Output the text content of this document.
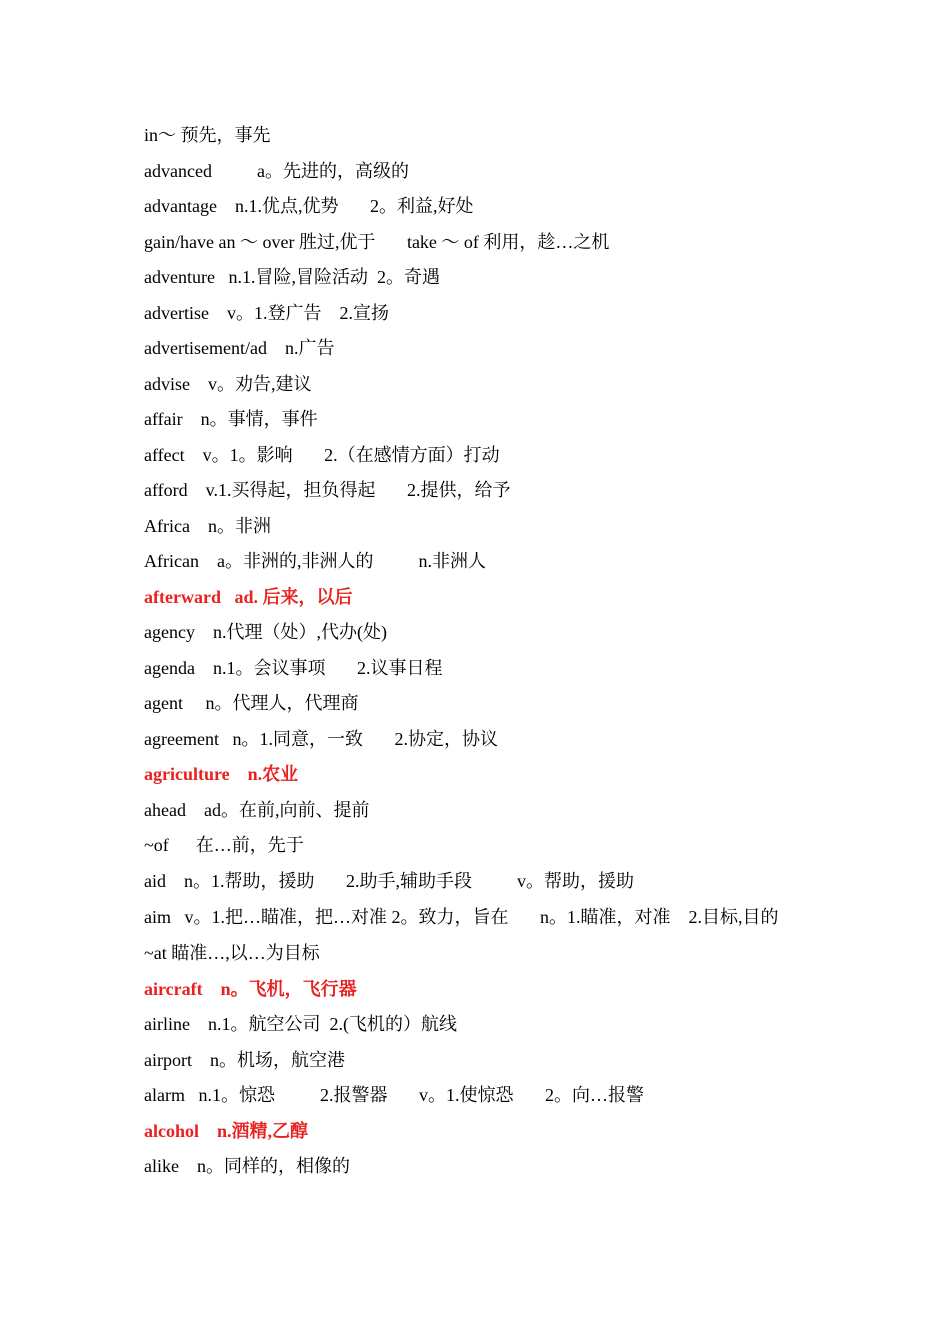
in～ 预先，事先

advanced          a。先进的，高级的

advantage    n.1.优点,优势       2。利益,好处

gain/have an ～ over 胜过,优于       take ～ of 利用，趁…之机

adventure   n.1.冒险,冒险活动  2。奇遇

advertise    v。1.登广告    2.宣扬

advertisement/ad    n.广告

advise    v。劝告,建议

affair    n。事情，事件

affect    v。1。影响       2.（在感情方面）打动

afford    v.1.买得起，担负得起       2.提供，给予

Africa    n。非洲

African    a。非洲的,非洲人的          n.非洲人

afterward   ad. 后来，以后

agency    n.代理（处）,代办(处)

agenda    n.1。会议事项       2.议事日程

agent     n。代理人，代理商

agreement   n。1.同意，一致       2.协定，协议

agriculture    n.农业

ahead    ad。在前,向前、提前

~of      在…前，先于

aid    n。1.帮助，援助       2.助手,辅助手段          v。帮助，援助

aim   v。1.把…瞄准，把…对准 2。致力，旨在       n。1.瞄准，对准    2.目标,目的

~at 瞄准…,以…为目标

aircraft    n。飞机，飞行器

airline    n.1。航空公司  2.(飞机的）航线

airport    n。机场，航空港

alarm   n.1。惊恐          2.报警器       v。1.使惊恐       2。向…报警

alcohol    n.酒精,乙醇

alike    n。同样的，相像的
